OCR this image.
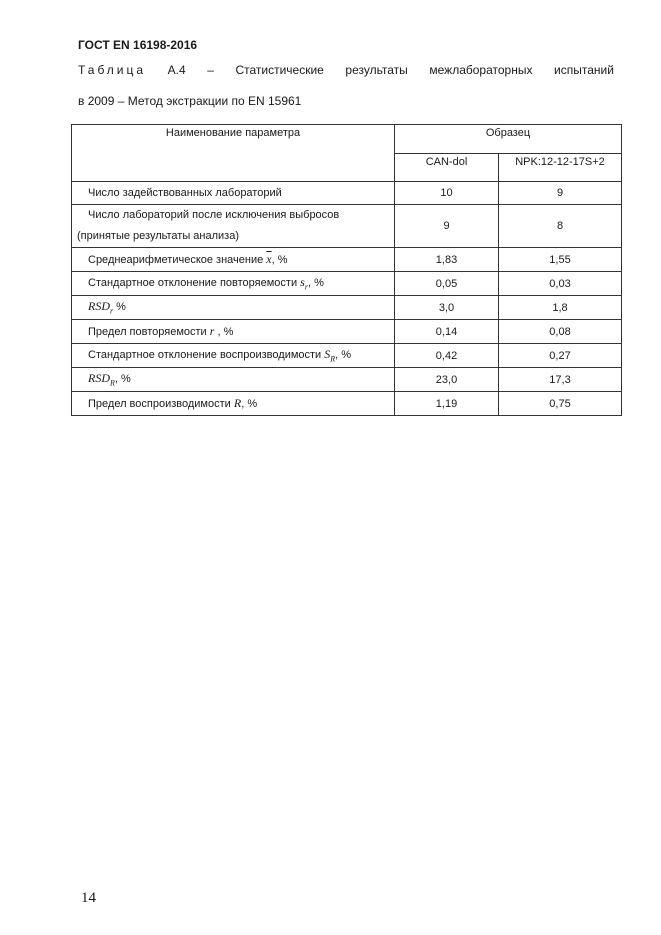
ГОСТ EN 16198-2016
Таблица А.4 – Статистические результаты межлабораторных испытаний
в 2009 – Метод экстракции по EN 15961
Наименование параметра	Образец	
	CAN-dol	NPK:12-12-17S+2
Число задействованных лабораторий	10	9

Число лабораторий после исключения выбросов
(принятые результаты анализа)	9	8
Среднеарифметическое значение $\overline{x}$, %	1,83	1,55
Стандартное отклонение повторяемости $s_r$, %	0,05	0,03
$RSD_r$ %	3,0	1,8
Предел повторяемости r , %	0,14	0,08
Стандартное отклонение воспроизводимости $S_R$, %	0,42	0,27
$RSD_R$, %	23,0	17,3
Предел воспроизводимости R, %	1,19	0,75
14
